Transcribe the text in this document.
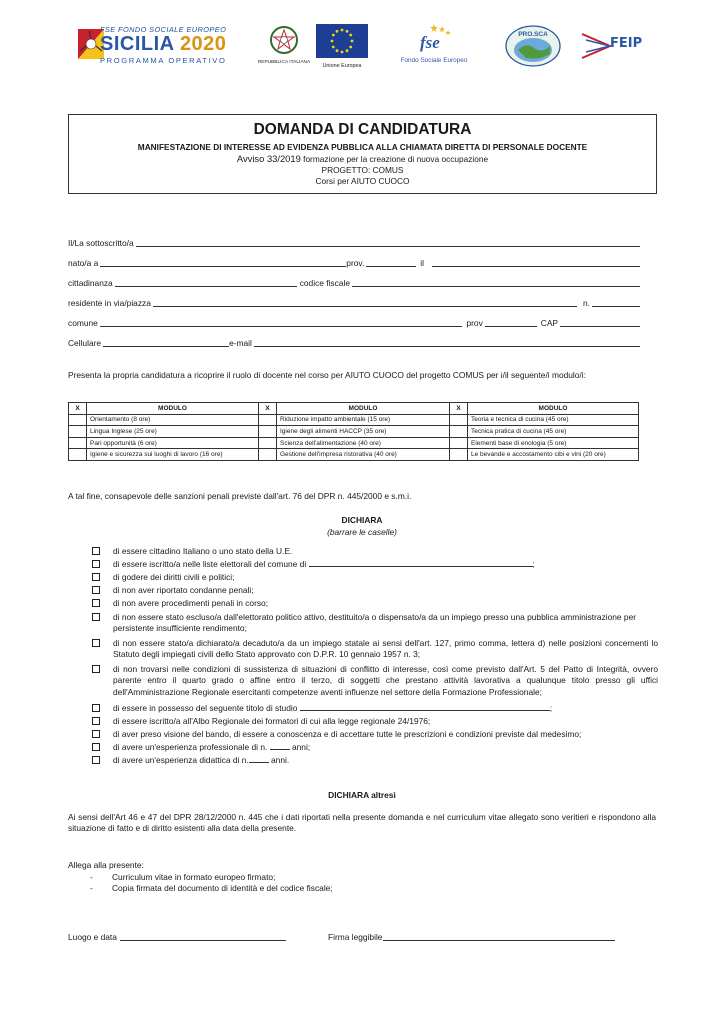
FSE FONDO SOCIALE EUROPEO
SICILIA 2020
PROGRAMMA OPERATIVO	REPUBBLICA ITALIANA
Unione Europea
fse
Fondo Sociale Europeo
PRO.SCA
FEIP
DOMANDA DI CANDIDATURA
MANIFESTAZIONE DI INTERESSE AD EVIDENZA PUBBLICA ALLA CHIAMATA DIRETTA DI PERSONALE DOCENTE
Avviso 33/2019 formazione per la creazione di nuova occupazione
PROGETTO: COMUS
Corsi per AIUTO CUOCO
Il/La sottoscritto/a
nato/a a	prov.	il
cittadinanza	codice fiscale
residente in via/piazza	n.
comune	prov	CAP
Cellulare	e-mail
Presenta la propria candidatura a ricoprire il ruolo di docente nel corso per AIUTO CUOCO del progetto COMUS per i/il seguente/i modulo/i:
X	MODULO	X	MODULO	X	MODULO
	Orientamento (8 ore)		Riduzione impatto ambientale (15 ore)		Teoria e tecnica di cucina (45 ore)
	Lingua Inglese (25 ore)		Igiene degli alimenti HACCP (35 ore)		Tecnica pratica di cucina (45 ore)
	Pari opportunità (6 ore)		Scienza dell'alimentazione (40 ore)		Elementi base di enologia (5 ore)
	Igiene e sicurezza sui luoghi di lavoro (16 ore)		Gestione dell'impresa ristorativa (40 ore)		Le bevande e accostamento cibi e vini (20 ore)
A tal fine, consapevole delle sanzioni penali previste dall'art. 76 del DPR n. 445/2000 e s.m.i.
DICHIARA
(barrare le caselle)
di essere cittadino Italiano o uno stato della U.E.
di essere iscritto/a nelle liste elettorali del comune di	;
di godere dei diritti civili e politici;
di non aver riportato condanne penali;
di non avere procedimenti penali in corso;
di non essere stato escluso/a dall'elettorato politico attivo, destituito/a o dispensato/a da un impiego presso una pubblica amministrazione per persistente insufficiente rendimento;
di non essere stato/a dichiarato/a decaduto/a da un impiego statale ai sensi dell'art. 127, primo comma, lettera d) nelle posizioni concernenti lo Statuto degli impiegati civili dello Stato approvato con D.P.R. 10 gennaio 1957 n. 3;
di non trovarsi nelle condizioni di sussistenza di situazioni di conflitto di interesse, così come previsto dall'Art. 5 del Patto di Integrità, ovvero parente entro il quarto grado o affine entro il terzo, di soggetti che prestano attività lavorativa a qualunque titolo presso gli uffici dell'Amministrazione Regionale esercitanti competenze aventi influenze nel settore della Formazione Professionale;
di essere in possesso del seguente titolo di studio	;
di essere iscritto/a all'Albo Regionale dei formatori di cui alla legge regionale 24/1976;
di aver preso visione del bando, di essere a conoscenza e di accettare tutte le prescrizioni e condizioni previste dal medesimo;
di avere un'esperienza professionale di n.	anni;
di avere un'esperienza didattica di n.	anni.
DICHIARA altresì
Ai sensi dell'Art 46 e 47 del DPR 28/12/2000 n. 445 che i dati riportati nella presente domanda e nel curriculum vitae allegato sono veritieri e rispondono alla situazione di fatto e di diritto esistenti alla data della presente.
Allega alla presente:
-	Curriculum vitae in formato europeo firmato;
-	Copia firmata del documento di identità e del codice fiscale;
Luogo e data	Firma leggibile
